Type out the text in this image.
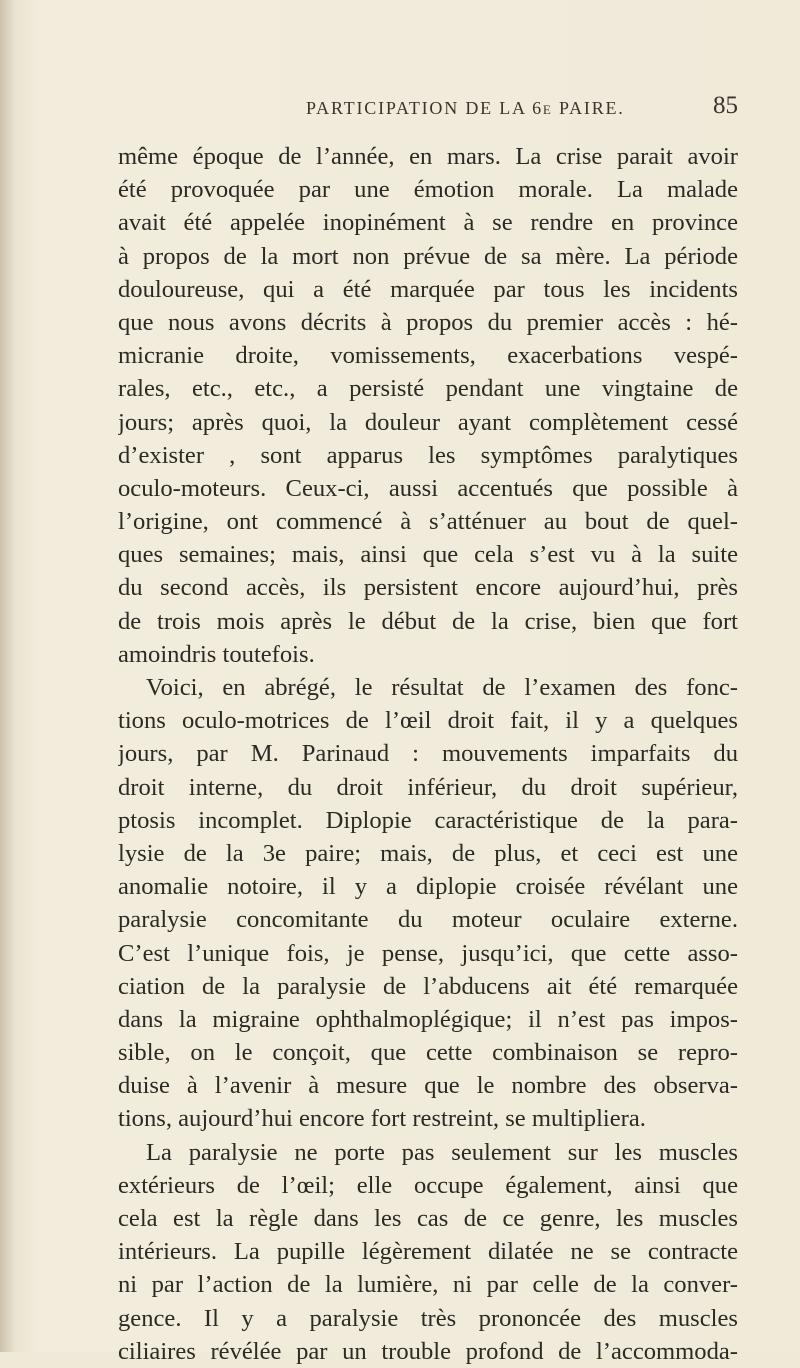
PARTICIPATION DE LA 6e PAIRE.	85
même époque de l’année, en mars. La crise parait avoir
été provoquée par une émotion morale. La malade
avait été appelée inopinément à se rendre en province
à propos de la mort non prévue de sa mère. La période
douloureuse, qui a été marquée par tous les incidents
que nous avons décrits à propos du premier accès : hé-
micranie droite, vomissements, exacerbations vespé-
rales, etc., etc., a persisté pendant une vingtaine de
jours; après quoi, la douleur ayant complètement cessé
d’exister , sont apparus les symptômes paralytiques
oculo-moteurs. Ceux-ci, aussi accentués que possible à
l’origine, ont commencé à s’atténuer au bout de quel-
ques semaines; mais, ainsi que cela s’est vu à la suite
du second accès, ils persistent encore aujourd’hui, près
de trois mois après le début de la crise, bien que fort
amoindris toutefois.
Voici, en abrégé, le résultat de l’examen des fonc-
tions oculo-motrices de l’œil droit fait, il y a quelques
jours, par M. Parinaud : mouvements imparfaits du
droit interne, du droit inférieur, du droit supérieur,
ptosis incomplet. Diplopie caractéristique de la para-
lysie de la 3e paire; mais, de plus, et ceci est une
anomalie notoire, il y a diplopie croisée révélant une
paralysie concomitante du moteur oculaire externe.
C’est l’unique fois, je pense, jusqu’ici, que cette asso-
ciation de la paralysie de l’abducens ait été remarquée
dans la migraine ophthalmoplégique; il n’est pas impos-
sible, on le conçoit, que cette combinaison se repro-
duise à l’avenir à mesure que le nombre des observa-
tions, aujourd’hui encore fort restreint, se multipliera.
La paralysie ne porte pas seulement sur les muscles
extérieurs de l’œil; elle occupe également, ainsi que
cela est la règle dans les cas de ce genre, les muscles
intérieurs. La pupille légèrement dilatée ne se contracte
ni par l’action de la lumière, ni par celle de la conver-
gence. Il y a paralysie très prononcée des muscles
ciliaires révélée par un trouble profond de l’accommoda-
